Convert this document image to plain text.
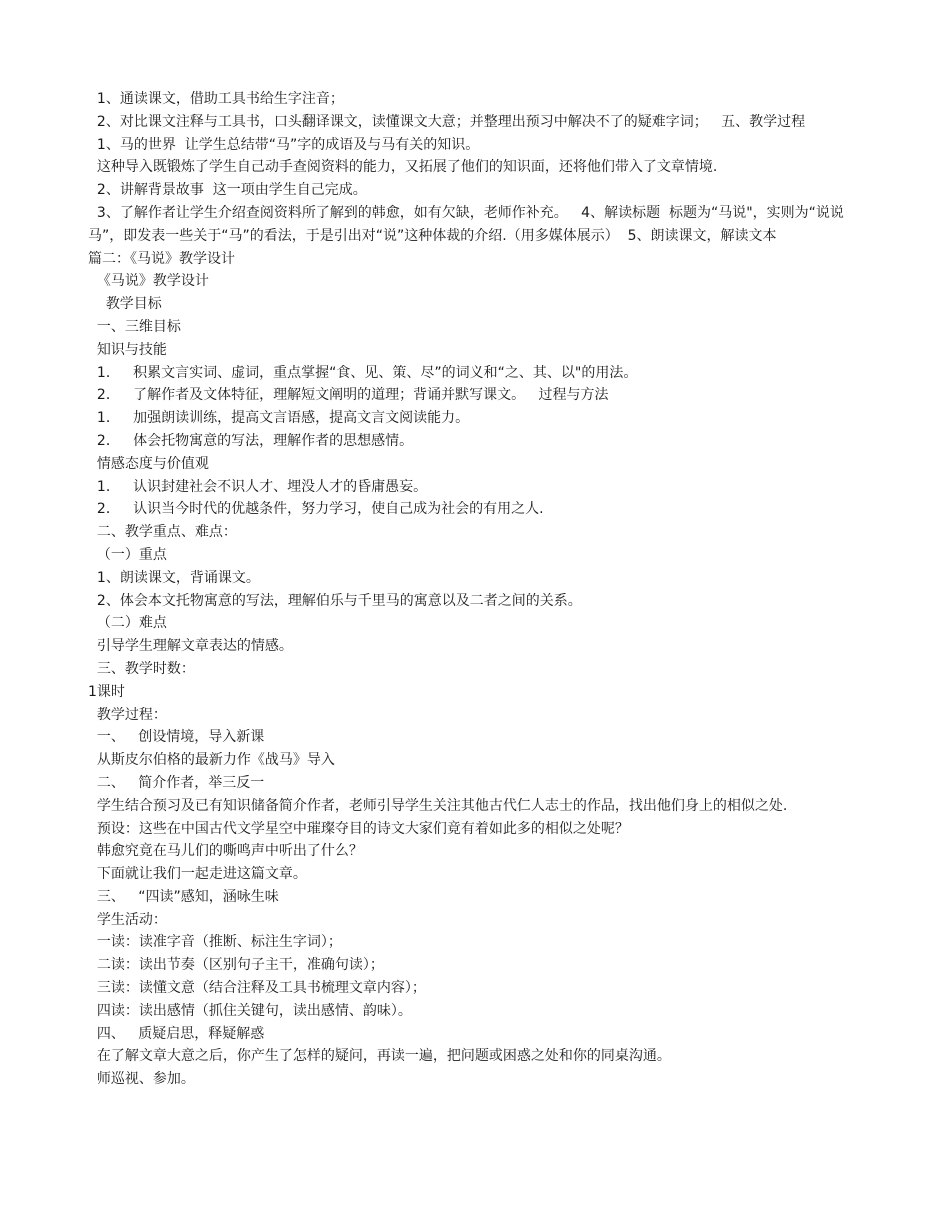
1、通读课文，借助工具书给生字注音；

2、对比课文注释与工具书，口头翻译课文，读懂课文大意；并整理出预习中解决不了的疑难字词；   五、教学过程

1、马的世界  让学生总结带“马”字的成语及与马有关的知识。

这种导入既锻炼了学生自己动手查阅资料的能力，又拓展了他们的知识面，还将他们带入了文章情境.

2、讲解背景故事  这一项由学生自己完成。

3、了解作者让学生介绍查阅资料所了解到的韩愈，如有欠缺，老师作补充。   4、解读标题  标题为“马说"，实则为“说说马”，即发表一些关于“马”的看法，于是引出对“说”这种体裁的介绍.（用多媒体展示）  5、朗读课文，解读文本

篇二：《马说》教学设计

《马说》教学设计

教学目标

一、三维目标

知识与技能

1．   积累文言实词、虚词，重点掌握“食、见、策、尽”的词义和“之、其、以"的用法。

2．   了解作者及文体特征，理解短文阐明的道理；背诵并默写课文。   过程与方法

1．   加强朗读训练，提高文言语感，提高文言文阅读能力。

2．   体会托物寓意的写法，理解作者的思想感情。

情感态度与价值观

1．   认识封建社会不识人才、埋没人才的昏庸愚妄。

2．   认识当今时代的优越条件，努力学习，使自己成为社会的有用之人.

二、教学重点、难点：

（一）重点

1、朗读课文，背诵课文。

2、体会本文托物寓意的写法，理解伯乐与千里马的寓意以及二者之间的关系。

（二）难点

引导学生理解文章表达的情感。

三、教学时数：

1课时

教学过程：

一、   创设情境，导入新课

从斯皮尔伯格的最新力作《战马》导入

二、   简介作者，举三反一

学生结合预习及已有知识储备简介作者，老师引导学生关注其他古代仁人志士的作品，找出他们身上的相似之处.

预设：这些在中国古代文学星空中璀璨夺目的诗文大家们竟有着如此多的相似之处呢？

韩愈究竟在马儿们的嘶鸣声中听出了什么？

下面就让我们一起走进这篇文章。

三、   “四读”感知，涵咏生味

学生活动：

一读：读准字音（推断、标注生字词）；

二读：读出节奏（区别句子主干，准确句读）；

三读：读懂文意（结合注释及工具书梳理文章内容）；

四读：读出感情（抓住关键句，读出感情、韵味）。

四、   质疑启思，释疑解惑

在了解文章大意之后，你产生了怎样的疑问，再读一遍，把问题或困惑之处和你的同桌沟通。

师巡视、参加。
